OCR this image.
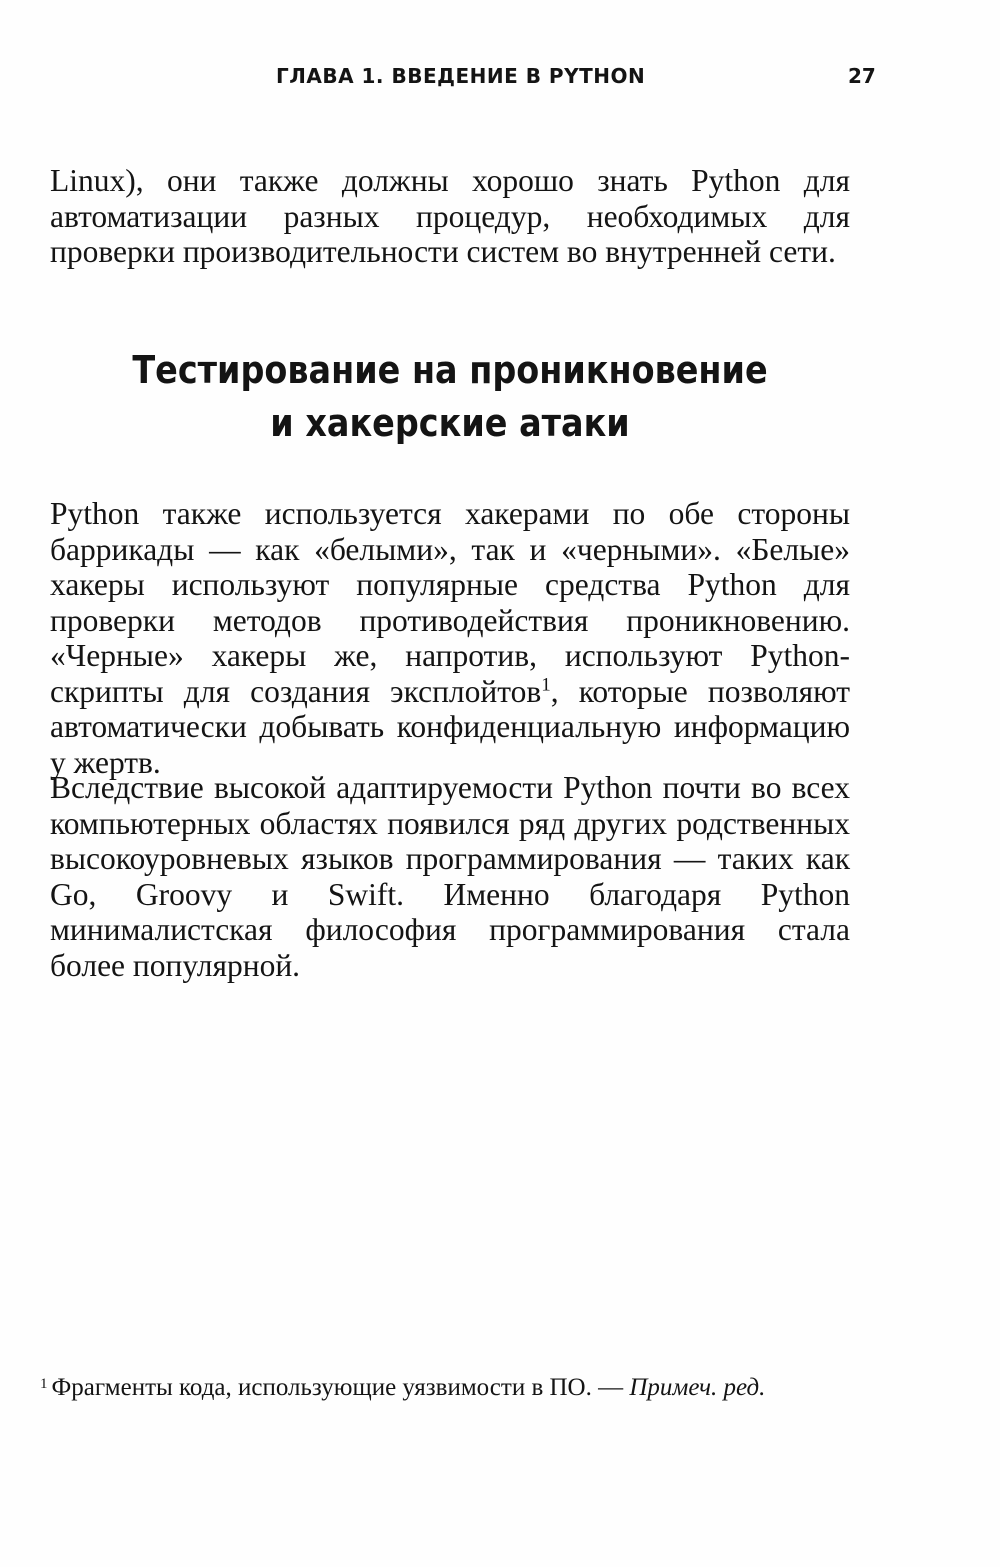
ГЛАВА 1. ВВЕДЕНИЕ В PYTHON	27

Linux), они также должны хорошо знать Python для автоматизации разных процедур, необходимых для проверки производительности систем во внутренней сети.

Тестирование на проникновение
и хакерские атаки

Python также используется хакерами по обе стороны баррикады — как «белыми», так и «черными». «Белые» хакеры используют популярные средства Python для проверки методов противодействия проникновению. «Черные» хакеры же, напротив, используют Python-скрипты для создания эксплойтов$^1$, которые позволяют автоматически добывать конфиденциальную информацию у жертв.

Вследствие высокой адаптируемости Python почти во всех компьютерных областях появился ряд других родственных высокоуровневых языков программирования — таких как Go, Groovy и Swift. Именно благодаря Python минималистская философия программирования стала более популярной.

$^1$ Фрагменты кода, использующие уязвимости в ПО. — Примеч. ред.
